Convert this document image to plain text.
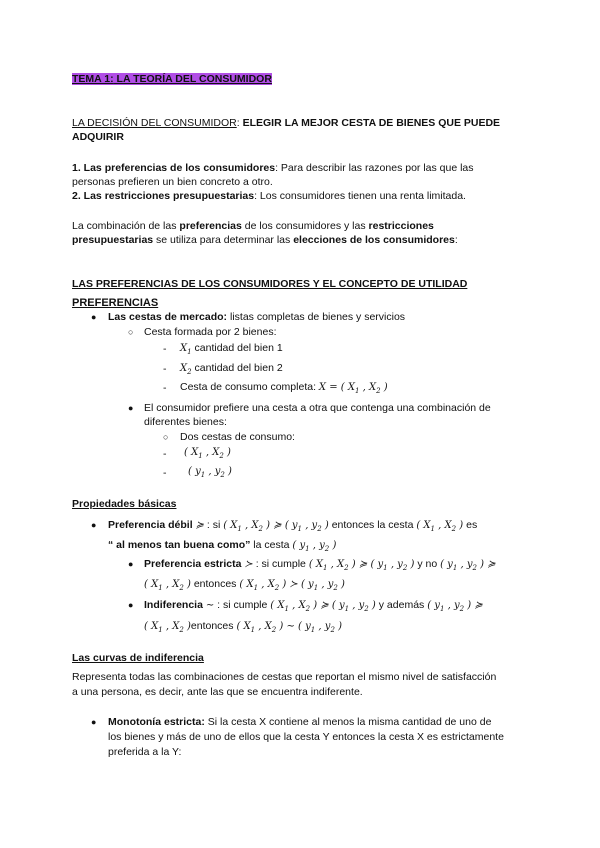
TEMA 1: LA TEORÍA DEL CONSUMIDOR
LA DECISIÓN DEL CONSUMIDOR: ELEGIR LA MEJOR CESTA DE BIENES QUE PUEDE
ADQUIRIR
1. Las preferencias de los consumidores: Para describir las razones por las que las
personas prefieren un bien concreto a otro.
2. Las restricciones presupuestarias: Los consumidores tienen una renta limitada.
La combinación de las preferencias de los consumidores y las restricciones
presupuestarias se utiliza para determinar las elecciones de los consumidores:
LAS PREFERENCIAS DE LOS CONSUMIDORES Y EL CONCEPTO DE UTILIDAD
PREFERENCIAS
● Las cestas de mercado: listas completas de bienes y servicios
○ Cesta formada por 2 bienes:
- $X_1$ cantidad del bien 1
- $X_2$ cantidad del bien 2
- Cesta de consumo completa: X = ( $X_1$ , $X_2$ )
● El consumidor prefiere una cesta a otra que contenga una combinación de
diferentes bienes:
○ Dos cestas de consumo:
- ( $X_1$ , $X_2$ )
- ( $y_1$ , $y_2$ )
Propiedades básicas
● Preferencia débil ≽ : si ( $X_1$ , $X_2$ ) ≽ ( $y_1$ , $y_2$ ) entonces la cesta ( $X_1$ , $X_2$ ) es
“ al menos tan buena como” la cesta ( $y_1$ , $y_2$ )
● Preferencia estricta ≻ : si cumple ( $X_1$ , $X_2$ ) ≽ ( $y_1$ , $y_2$ ) y no ( $y_1$ , $y_2$ ) ≽
( $X_1$ , $X_2$ ) entonces ( $X_1$ , $X_2$ ) ≻ ( $y_1$ , $y_2$ )
● Indiferencia ∼ : si cumple ( $X_1$ , $X_2$ ) ≽ ( $y_1$ , $y_2$ ) y además ( $y_1$ , $y_2$ ) ≽
( $X_1$ , $X_2$ )entonces ( $X_1$ , $X_2$ ) ∼ ( $y_1$ , $y_2$ )
Las curvas de indiferencia
Representa todas las combinaciones de cestas que reportan el mismo nivel de satisfacción
a una persona, es decir, ante las que se encuentra indiferente.
● Monotonía estricta: Si la cesta X contiene al menos la misma cantidad de uno de
los bienes y más de uno de ellos que la cesta Y entonces la cesta X es estrictamente
preferida a la Y:
